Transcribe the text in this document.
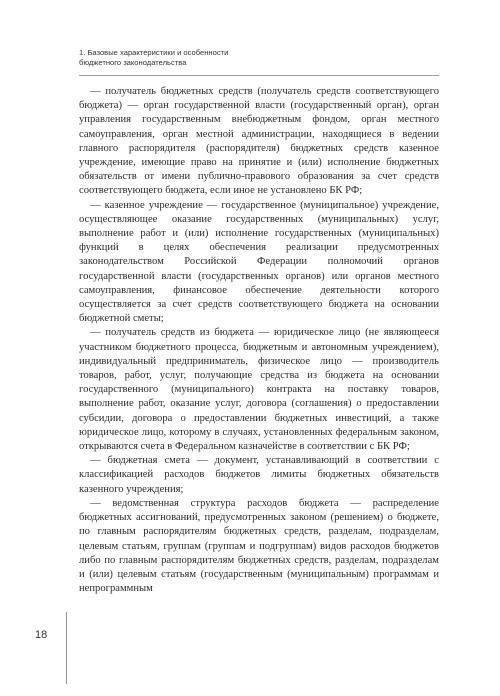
1. Базовые характеристики и особенности
бюджетного законодательства

— получатель бюджетных средств (получатель средств соответствующего бюджета) — орган государственной власти (государственный орган), орган управления государственным внебюджетным фондом, орган местного самоуправления, орган местной администрации, находящиеся в ведении главного распорядителя (распорядителя) бюджетных средств казенное учреждение, имеющие право на принятие и (или) исполнение бюджетных обязательств от имени публично-правового образования за счет средств соответствующего бюджета, если иное не установлено БК РФ;

— казенное учреждение — государственное (муниципальное) учреждение, осуществляющее оказание государственных (муниципальных) услуг, выполнение работ и (или) исполнение государственных (муниципальных) функций в целях обеспечения реализации предусмотренных законодательством Российской Федерации полномочий органов государственной власти (государственных органов) или органов местного самоуправления, финансовое обеспечение деятельности которого осуществляется за счет средств соответствующего бюджета на основании бюджетной сметы;

— получатель средств из бюджета — юридическое лицо (не являющееся участником бюджетного процесса, бюджетным и автономным учреждением), индивидуальный предприниматель, физическое лицо — производитель товаров, работ, услуг, получающие средства из бюджета на основании государственного (муниципального) контракта на поставку товаров, выполнение работ, оказание услуг, договора (соглашения) о предоставлении субсидии, договора о предоставлении бюджетных инвестиций, а также юридическое лицо, которому в случаях, установленных федеральным законом, открываются счета в Федеральном казначействе в соответствии с БК РФ;

— бюджетная смета — документ, устанавливающий в соответствии с классификацией расходов бюджетов лимиты бюджетных обязательств казенного учреждения;

— ведомственная структура расходов бюджета — распределение бюджетных ассигнований, предусмотренных законом (решением) о бюджете, по главным распорядителям бюджетных средств, разделам, подразделам, целевым статьям, группам (группам и подгруппам) видов расходов бюджетов либо по главным распорядителям бюджетных средств, разделам, подразделам и (или) целевым статьям (государственным (муниципальным) программам и непрограммным

18
